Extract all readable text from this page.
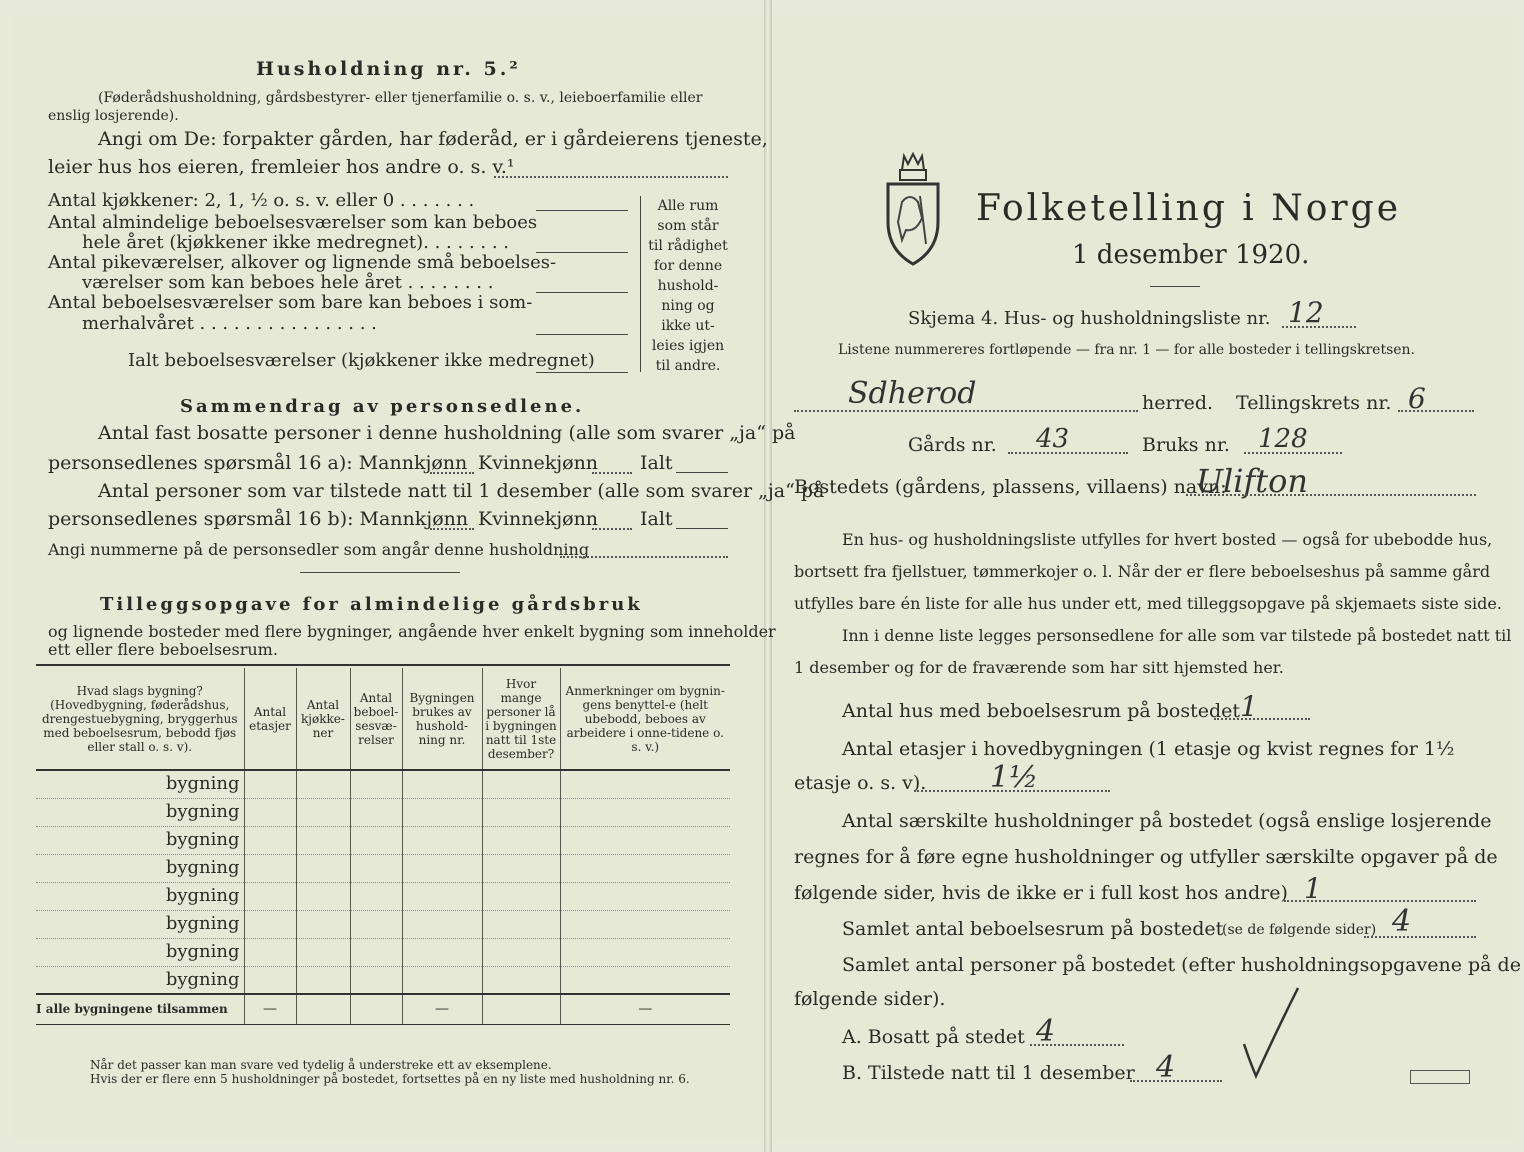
Husholdning nr. 5.²
(Føderådshusholdning, gårdsbestyrer- eller tjenerfamilie o. s. v., leieboerfamilie eller
enslig losjerende).
Angi om De: forpakter gården, har føderåd, er i gårdeierens tjeneste,
leier hus hos eieren, fremleier hos andre o. s. v.¹
Antal kjøkkener: 2, 1, ½ o. s. v. eller 0 . . . . . . .
Antal almindelige beboelsesværelser som kan beboes
hele året (kjøkkener ikke medregnet). . . . . . . .
Antal pikeværelser, alkover og lignende små beboelses-
værelser som kan beboes hele året . . . . . . . .
Antal beboelsesværelser som bare kan beboes i som-
merhalvåret . . . . . . . . . . . . . . . .
Ialt beboelsesværelser (kjøkkener ikke medregnet)
Alle rum som står til rådighet for denne hushold-ning og ikke ut-leies igjen til andre.
Sammendrag av personsedlene.
Antal fast bosatte personer i denne husholdning (alle som svarer „ja“ på
personsedlenes spørsmål 16 a): Mannkjønn Kvinnekjønn Ialt
Antal personer som var tilstede natt til 1 desember (alle som svarer „ja“ på
personsedlenes spørsmål 16 b): Mannkjønn Kvinnekjønn Ialt
Angi nummerne på de personsedler som angår denne husholdning
Tilleggsopgave for almindelige gårdsbruk
og lignende bosteder med flere bygninger, angående hver enkelt bygning som inneholder
ett eller flere beboelsesrum.
Hvad slags bygning? (Hovedbygning, føderådshus, drengestuebygning, bryggerhus med beboelsesrum, bebodd fjøs eller stall o. s. v).	Antal etasjer	Antal kjøkke-ner	Antal beboel-sesvæ-relser	Bygningen brukes av hushold-ning nr.	Hvor mange personer lå i bygningen natt til 1ste desember?	Anmerkninger om bygnin-gens benyttel-e (helt ubebodd, beboes av arbeidere i onne-tidene o. s. v.)
bygning						
bygning						
bygning						
bygning						
bygning						
bygning						
bygning						
bygning						
I alle bygningene tilsammen	—			—		—
Når det passer kan man svare ved tydelig å understreke ett av eksemplene.
Hvis der er flere enn 5 husholdninger på bostedet, fortsettes på en ny liste med husholdning nr. 6.
Folketelling i Norge
1 desember 1920.
Skjema 4. Hus- og husholdningsliste nr. 12
Listene nummereres fortløpende — fra nr. 1 — for alle bosteder i tellingskretsen.
Sdherod	herred. Tellingskrets nr. 6
Gårds nr. 43	Bruks nr. 128
Bostedets (gårdens, plassens, villaens) navn:
Ulifton
En hus- og husholdningsliste utfylles for hvert bosted — også for ubebodde hus,
bortsett fra fjellstuer, tømmerkojer o. l. Når der er flere beboelseshus på samme gård
utfylles bare én liste for alle hus under ett, med tilleggsopgave på skjemaets siste side.
Inn i denne liste legges personsedlene for alle som var tilstede på bostedet natt til
1 desember og for de fraværende som har sitt hjemsted her.
Antal hus med beboelsesrum på bostedet 1
Antal etasjer i hovedbygningen (1 etasje og kvist regnes for 1½
etasje o. s. v). 1½
Antal særskilte husholdninger på bostedet (også enslige losjerende
regnes for å føre egne husholdninger og utfyller særskilte opgaver på de
følgende sider, hvis de ikke er i full kost hos andre) 1
Samlet antal beboelsesrum på bostedet
(se de følgende sider) 4
Samlet antal personer på bostedet (efter husholdningsopgavene på de
følgende sider).
A. Bosatt på stedet 4
B. Tilstede natt til 1 desember 4
